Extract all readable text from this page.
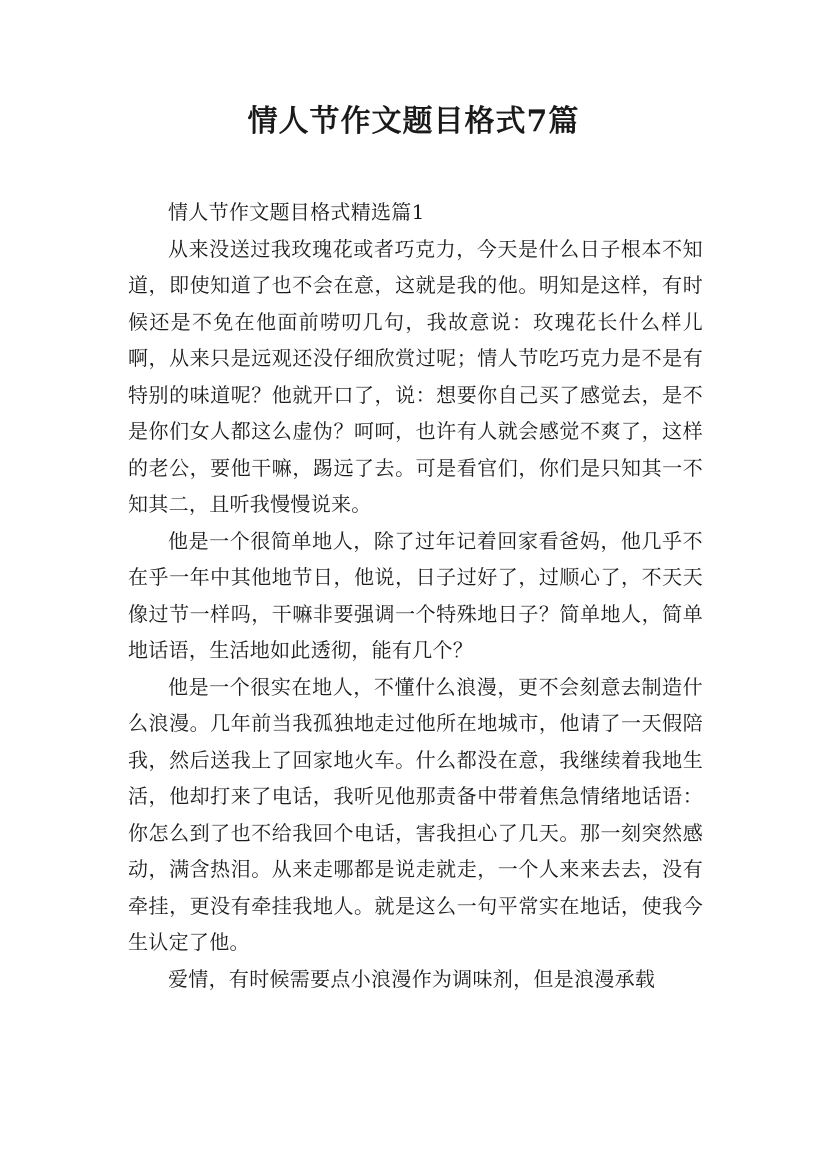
情人节作文题目格式7篇

情人节作文题目格式精选篇1

从来没送过我玫瑰花或者巧克力，今天是什么日子根本不知道，即使知道了也不会在意，这就是我的他。明知是这样，有时候还是不免在他面前唠叨几句，我故意说：玫瑰花长什么样儿啊，从来只是远观还没仔细欣赏过呢；情人节吃巧克力是不是有特别的味道呢？他就开口了，说：想要你自己买了感觉去，是不是你们女人都这么虚伪？呵呵，也许有人就会感觉不爽了，这样的老公，要他干嘛，踢远了去。可是看官们，你们是只知其一不知其二，且听我慢慢说来。

他是一个很简单地人，除了过年记着回家看爸妈，他几乎不在乎一年中其他地节日，他说，日子过好了，过顺心了，不天天像过节一样吗，干嘛非要强调一个特殊地日子？简单地人，简单地话语，生活地如此透彻，能有几个？

他是一个很实在地人，不懂什么浪漫，更不会刻意去制造什么浪漫。几年前当我孤独地走过他所在地城市，他请了一天假陪我，然后送我上了回家地火车。什么都没在意，我继续着我地生活，他却打来了电话，我听见他那责备中带着焦急情绪地话语：你怎么到了也不给我回个电话，害我担心了几天。那一刻突然感动，满含热泪。从来走哪都是说走就走，一个人来来去去，没有牵挂，更没有牵挂我地人。就是这么一句平常实在地话，使我今生认定了他。

爱情，有时候需要点小浪漫作为调味剂，但是浪漫承载
